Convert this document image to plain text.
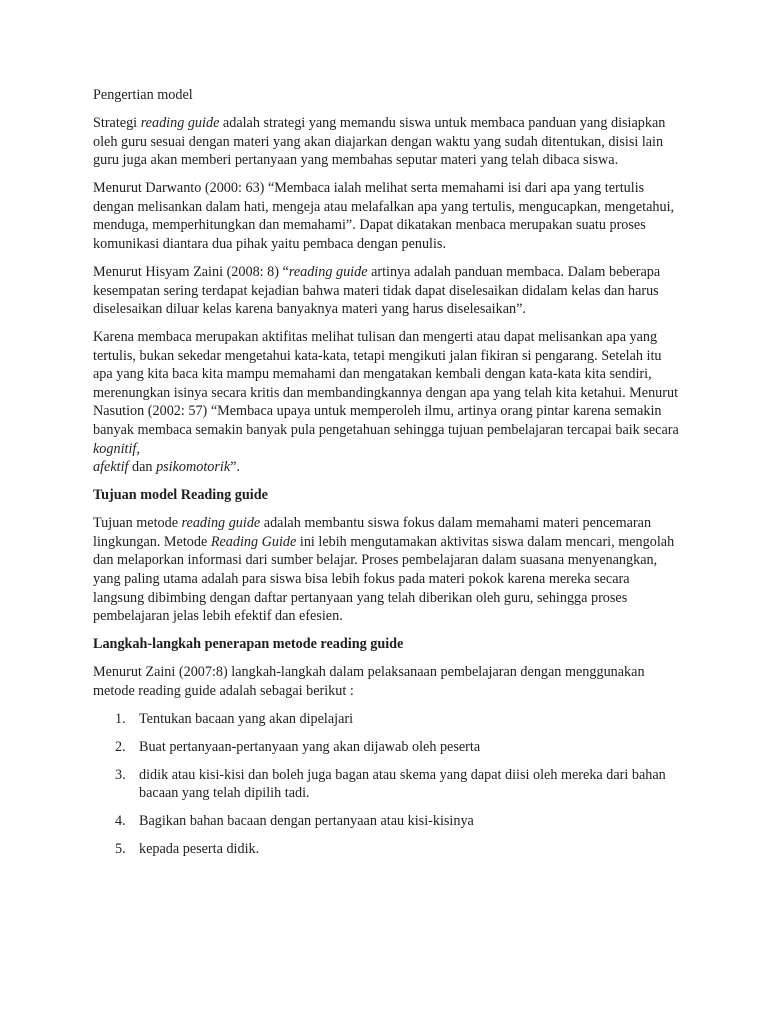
Pengertian model

Strategi reading guide adalah strategi yang memandu siswa untuk membaca panduan yang disiapkan oleh guru sesuai dengan materi yang akan diajarkan dengan waktu yang sudah ditentukan, disisi lain guru juga akan memberi pertanyaan yang membahas seputar materi yang telah dibaca siswa.

Menurut Darwanto (2000: 63) “Membaca ialah melihat serta memahami isi dari apa yang tertulis dengan melisankan dalam hati, mengeja atau melafalkan apa yang tertulis, mengucapkan, mengetahui, menduga, memperhitungkan dan memahami”. Dapat dikatakan menbaca merupakan suatu proses komunikasi diantara dua pihak yaitu pembaca dengan penulis.

Menurut Hisyam Zaini (2008: 8) “reading guide artinya adalah panduan membaca. Dalam beberapa kesempatan sering terdapat kejadian bahwa materi tidak dapat diselesaikan didalam kelas dan harus diselesaikan diluar kelas karena banyaknya materi yang harus diselesaikan”.

Karena membaca merupakan aktifitas melihat tulisan dan mengerti atau dapat melisankan apa yang tertulis, bukan sekedar mengetahui kata-kata, tetapi mengikuti jalan fikiran si pengarang. Setelah itu apa yang kita baca kita mampu memahami dan mengatakan kembali dengan kata-kata kita sendiri, merenungkan isinya secara kritis dan membandingkannya dengan apa yang telah kita ketahui. Menurut Nasution (2002: 57) “Membaca upaya untuk memperoleh ilmu, artinya orang pintar karena semakin banyak membaca semakin banyak pula pengetahuan sehingga tujuan pembelajaran tercapai baik secara kognitif,
afektif dan psikomotorik”.

Tujuan model Reading guide

Tujuan metode reading guide adalah membantu siswa fokus dalam memahami materi pencemaran lingkungan. Metode Reading Guide ini lebih mengutamakan aktivitas siswa dalam mencari, mengolah dan melaporkan informasi dari sumber belajar. Proses pembelajaran dalam suasana menyenangkan, yang paling utama adalah para siswa bisa lebih fokus pada materi pokok karena mereka secara langsung dibimbing dengan daftar pertanyaan yang telah diberikan oleh guru, sehingga proses pembelajaran jelas lebih efektif dan efesien.

Langkah-langkah penerapan metode reading guide

Menurut Zaini (2007:8) langkah-langkah dalam pelaksanaan pembelajaran dengan menggunakan metode reading guide adalah sebagai berikut :

1. Tentukan bacaan yang akan dipelajari
2. Buat pertanyaan-pertanyaan yang akan dijawab oleh peserta
3. didik atau kisi-kisi dan boleh juga bagan atau skema yang dapat diisi oleh mereka dari bahan bacaan yang telah dipilih tadi.
4. Bagikan bahan bacaan dengan pertanyaan atau kisi-kisinya
5. kepada peserta didik.
